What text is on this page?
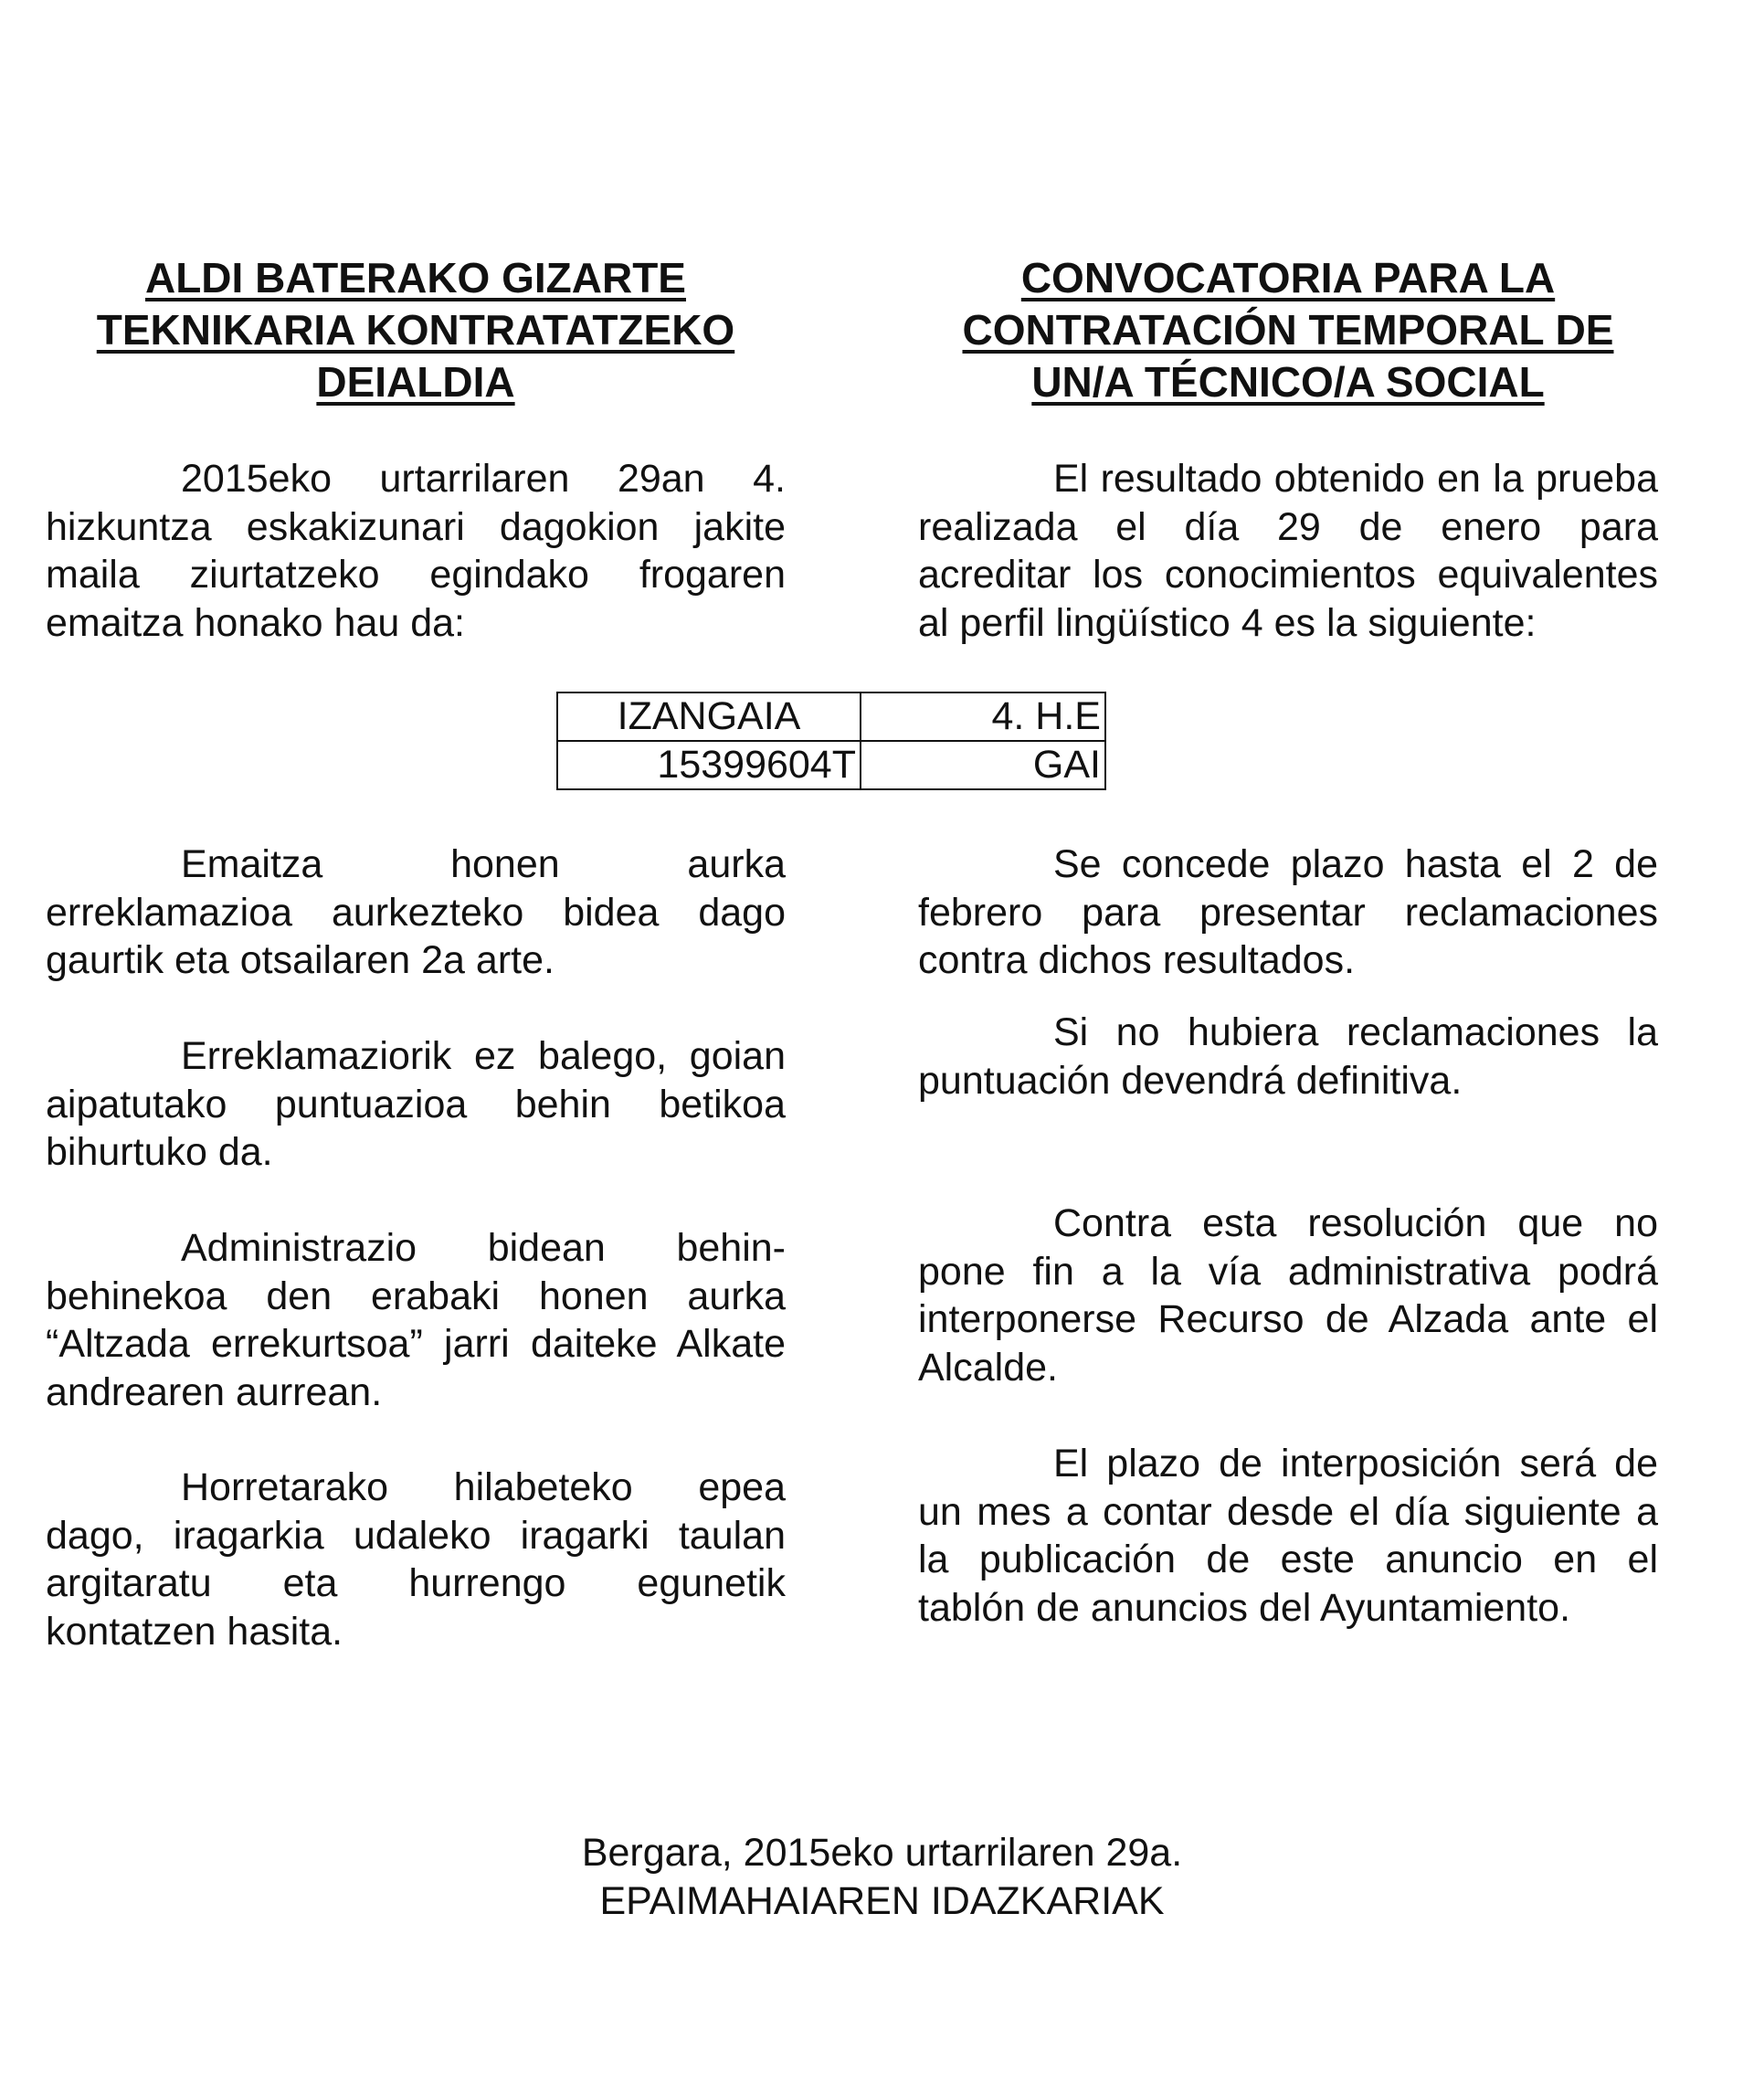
ALDI BATERAKO GIZARTE
TEKNIKARIA KONTRATATZEKO
DEIALDIA

2015eko urtarrilaren 29an 4. hizkuntza eskakizunari dagokion jakite maila ziurtatzeko egindako frogaren emaitza honako hau da:

Emaitza honen aurka erreklamazioa aurkezteko bidea dago gaurtik eta otsailaren 2a arte.

Erreklamaziorik ez balego, goian aipatutako puntuazioa behin betikoa bihurtuko da.

Administrazio bidean behin-behinekoa den erabaki honen aurka “Altzada errekurtsoa” jarri daiteke Alkate andrearen aurrean.

Horretarako hilabeteko epea dago, iragarkia udaleko iragarki taulan argitaratu eta hurrengo egunetik kontatzen hasita.

CONVOCATORIA PARA LA
CONTRATACIÓN TEMPORAL DE
UN/A TÉCNICO/A SOCIAL

El resultado obtenido en la prueba realizada el día 29 de enero para acreditar los conocimientos equivalentes al perfil lingüístico 4 es la siguiente:

Se concede plazo hasta el 2 de febrero para presentar reclamaciones contra dichos resultados.

Si no hubiera reclamaciones la puntuación devendrá definitiva.

Contra esta resolución que no pone fin a la vía administrativa podrá interponerse Recurso de Alzada ante el Alcalde.

El plazo de interposición será de un mes a contar desde el día siguiente a la publicación de este anuncio en el tablón de anuncios del Ayuntamiento.

IZANGAIA	4. H.E
15399604T	GAI
Bergara, 2015eko urtarrilaren 29a.
EPAIMAHAIAREN IDAZKARIAK
